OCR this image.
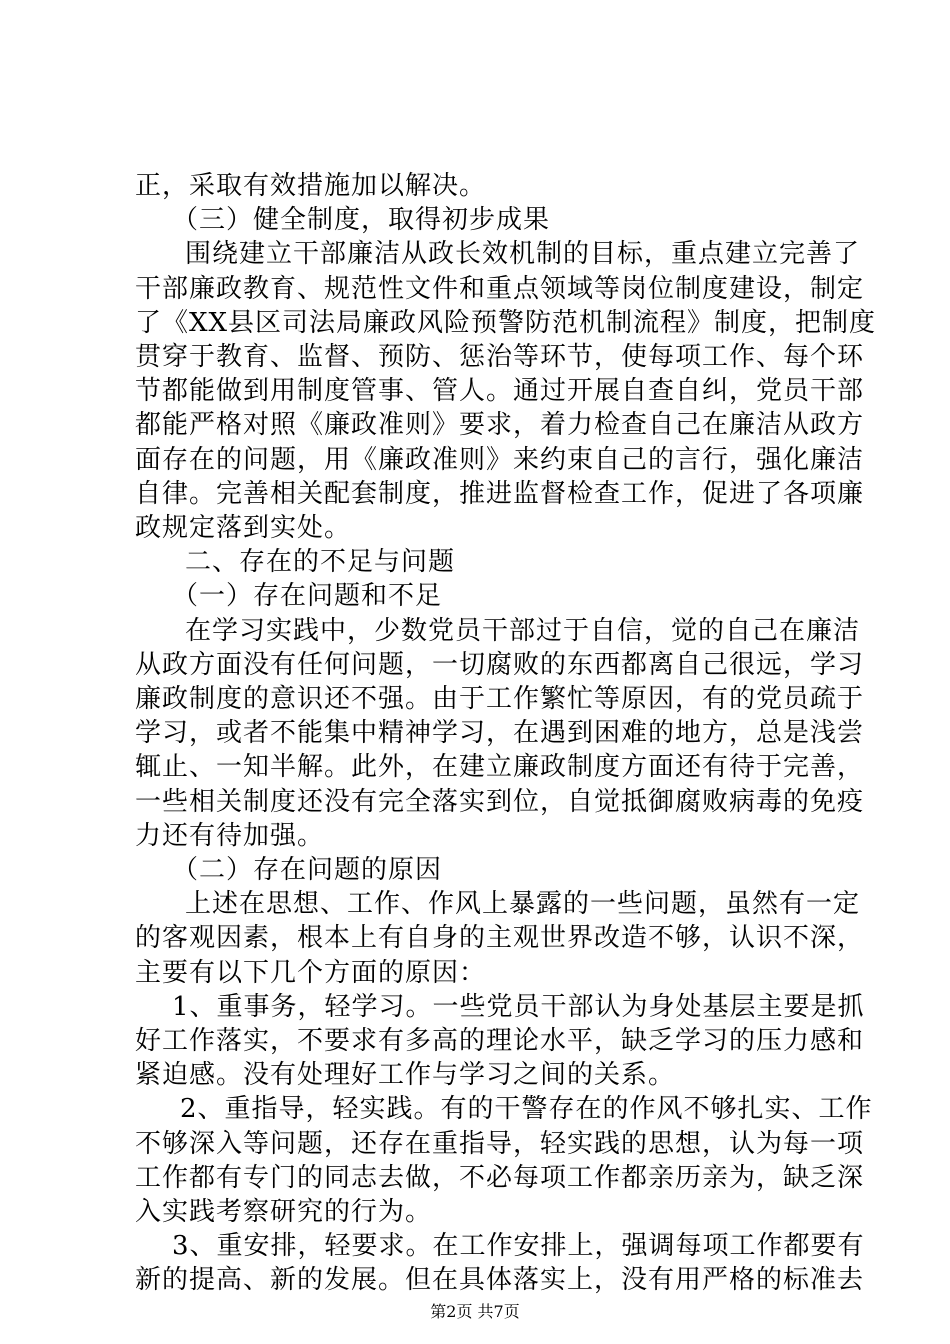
正，采取有效措施加以解决。
（三）健全制度，取得初步成果
围绕建立干部廉洁从政长效机制的目标，重点建立完善了
干部廉政教育、规范性文件和重点领域等岗位制度建设，制定
了《XX县区司法局廉政风险预警防范机制流程》制度，把制度
贯穿于教育、监督、预防、惩治等环节，使每项工作、每个环
节都能做到用制度管事、管人。通过开展自查自纠，党员干部
都能严格对照《廉政准则》要求，着力检查自己在廉洁从政方
面存在的问题，用《廉政准则》来约束自己的言行，强化廉洁
自律。完善相关配套制度，推进监督检查工作，促进了各项廉
政规定落到实处。
二、存在的不足与问题
（一）存在问题和不足
在学习实践中，少数党员干部过于自信，觉的自己在廉洁
从政方面没有任何问题，一切腐败的东西都离自己很远，学习
廉政制度的意识还不强。由于工作繁忙等原因，有的党员疏于
学习，或者不能集中精神学习，在遇到困难的地方，总是浅尝
辄止、一知半解。此外，在建立廉政制度方面还有待于完善，
一些相关制度还没有完全落实到位，自觉抵御腐败病毒的免疫
力还有待加强。
（二）存在问题的原因
上述在思想、工作、作风上暴露的一些问题，虽然有一定
的客观因素，根本上有自身的主观世界改造不够，认识不深，
主要有以下几个方面的原因：
1、重事务，轻学习。一些党员干部认为身处基层主要是抓
好工作落实，不要求有多高的理论水平，缺乏学习的压力感和
紧迫感。没有处理好工作与学习之间的关系。
2、重指导，轻实践。有的干警存在的作风不够扎实、工作
不够深入等问题，还存在重指导，轻实践的思想，认为每一项
工作都有专门的同志去做，不必每项工作都亲历亲为，缺乏深
入实践考察研究的行为。
3、重安排，轻要求。在工作安排上，强调每项工作都要有
新的提高、新的发展。但在具体落实上，没有用严格的标准去
第2页 共7页
